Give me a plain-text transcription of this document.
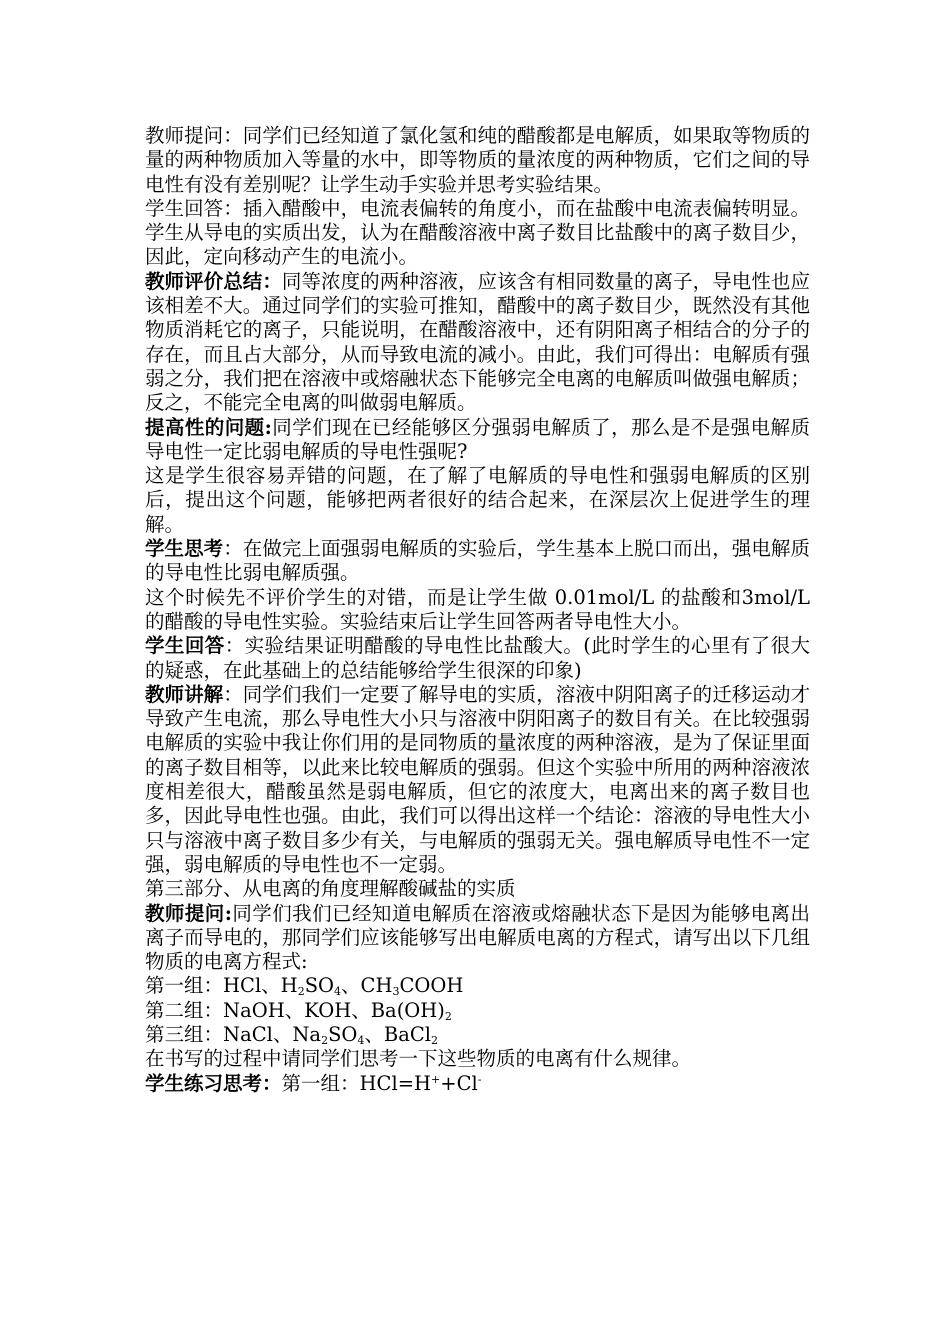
教师提问：同学们已经知道了氯化氢和纯的醋酸都是电解质，如果取等物质的量的两种物质加入等量的水中，即等物质的量浓度的两种物质，它们之间的导电性有没有差别呢？让学生动手实验并思考实验结果。

学生回答：插入醋酸中，电流表偏转的角度小，而在盐酸中电流表偏转明显。学生从导电的实质出发，认为在醋酸溶液中离子数目比盐酸中的离子数目少，因此，定向移动产生的电流小。

教师评价总结：同等浓度的两种溶液，应该含有相同数量的离子，导电性也应该相差不大。通过同学们的实验可推知，醋酸中的离子数目少，既然没有其他物质消耗它的离子，只能说明，在醋酸溶液中，还有阴阳离子相结合的分子的存在，而且占大部分，从而导致电流的减小。由此，我们可得出：电解质有强弱之分，我们把在溶液中或熔融状态下能够完全电离的电解质叫做强电解质；反之，不能完全电离的叫做弱电解质。

提高性的问题:同学们现在已经能够区分强弱电解质了，那么是不是强电解质导电性一定比弱电解质的导电性强呢?

这是学生很容易弄错的问题，在了解了电解质的导电性和强弱电解质的区别后，提出这个问题，能够把两者很好的结合起来，在深层次上促进学生的理解。

学生思考：在做完上面强弱电解质的实验后，学生基本上脱口而出，强电解质的导电性比弱电解质强。

这个时候先不评价学生的对错，而是让学生做 0.01mol/L 的盐酸和3mol/L 的醋酸的导电性实验。实验结束后让学生回答两者导电性大小。

学生回答：实验结果证明醋酸的导电性比盐酸大。(此时学生的心里有了很大的疑惑，在此基础上的总结能够给学生很深的印象)

教师讲解：同学们我们一定要了解导电的实质，溶液中阴阳离子的迁移运动才导致产生电流，那么导电性大小只与溶液中阴阳离子的数目有关。在比较强弱电解质的实验中我让你们用的是同物质的量浓度的两种溶液，是为了保证里面的离子数目相等，以此来比较电解质的强弱。但这个实验中所用的两种溶液浓度相差很大，醋酸虽然是弱电解质，但它的浓度大，电离出来的离子数目也多，因此导电性也强。由此，我们可以得出这样一个结论：溶液的导电性大小只与溶液中离子数目多少有关，与电解质的强弱无关。强电解质导电性不一定强，弱电解质的导电性也不一定弱。

第三部分、从电离的角度理解酸碱盐的实质

教师提问:同学们我们已经知道电解质在溶液或熔融状态下是因为能够电离出离子而导电的，那同学们应该能够写出电解质电离的方程式，请写出以下几组物质的电离方程式:

第一组：HCl、$H_2SO_4$、$CH_3COOH$

第二组：NaOH、KOH、$Ba(OH)_2$

第三组：NaCl、$Na_2SO_4$、BaCl$_2$

在书写的过程中请同学们思考一下这些物质的电离有什么规律。

学生练习思考：第一组：HCl=H++Cl-
